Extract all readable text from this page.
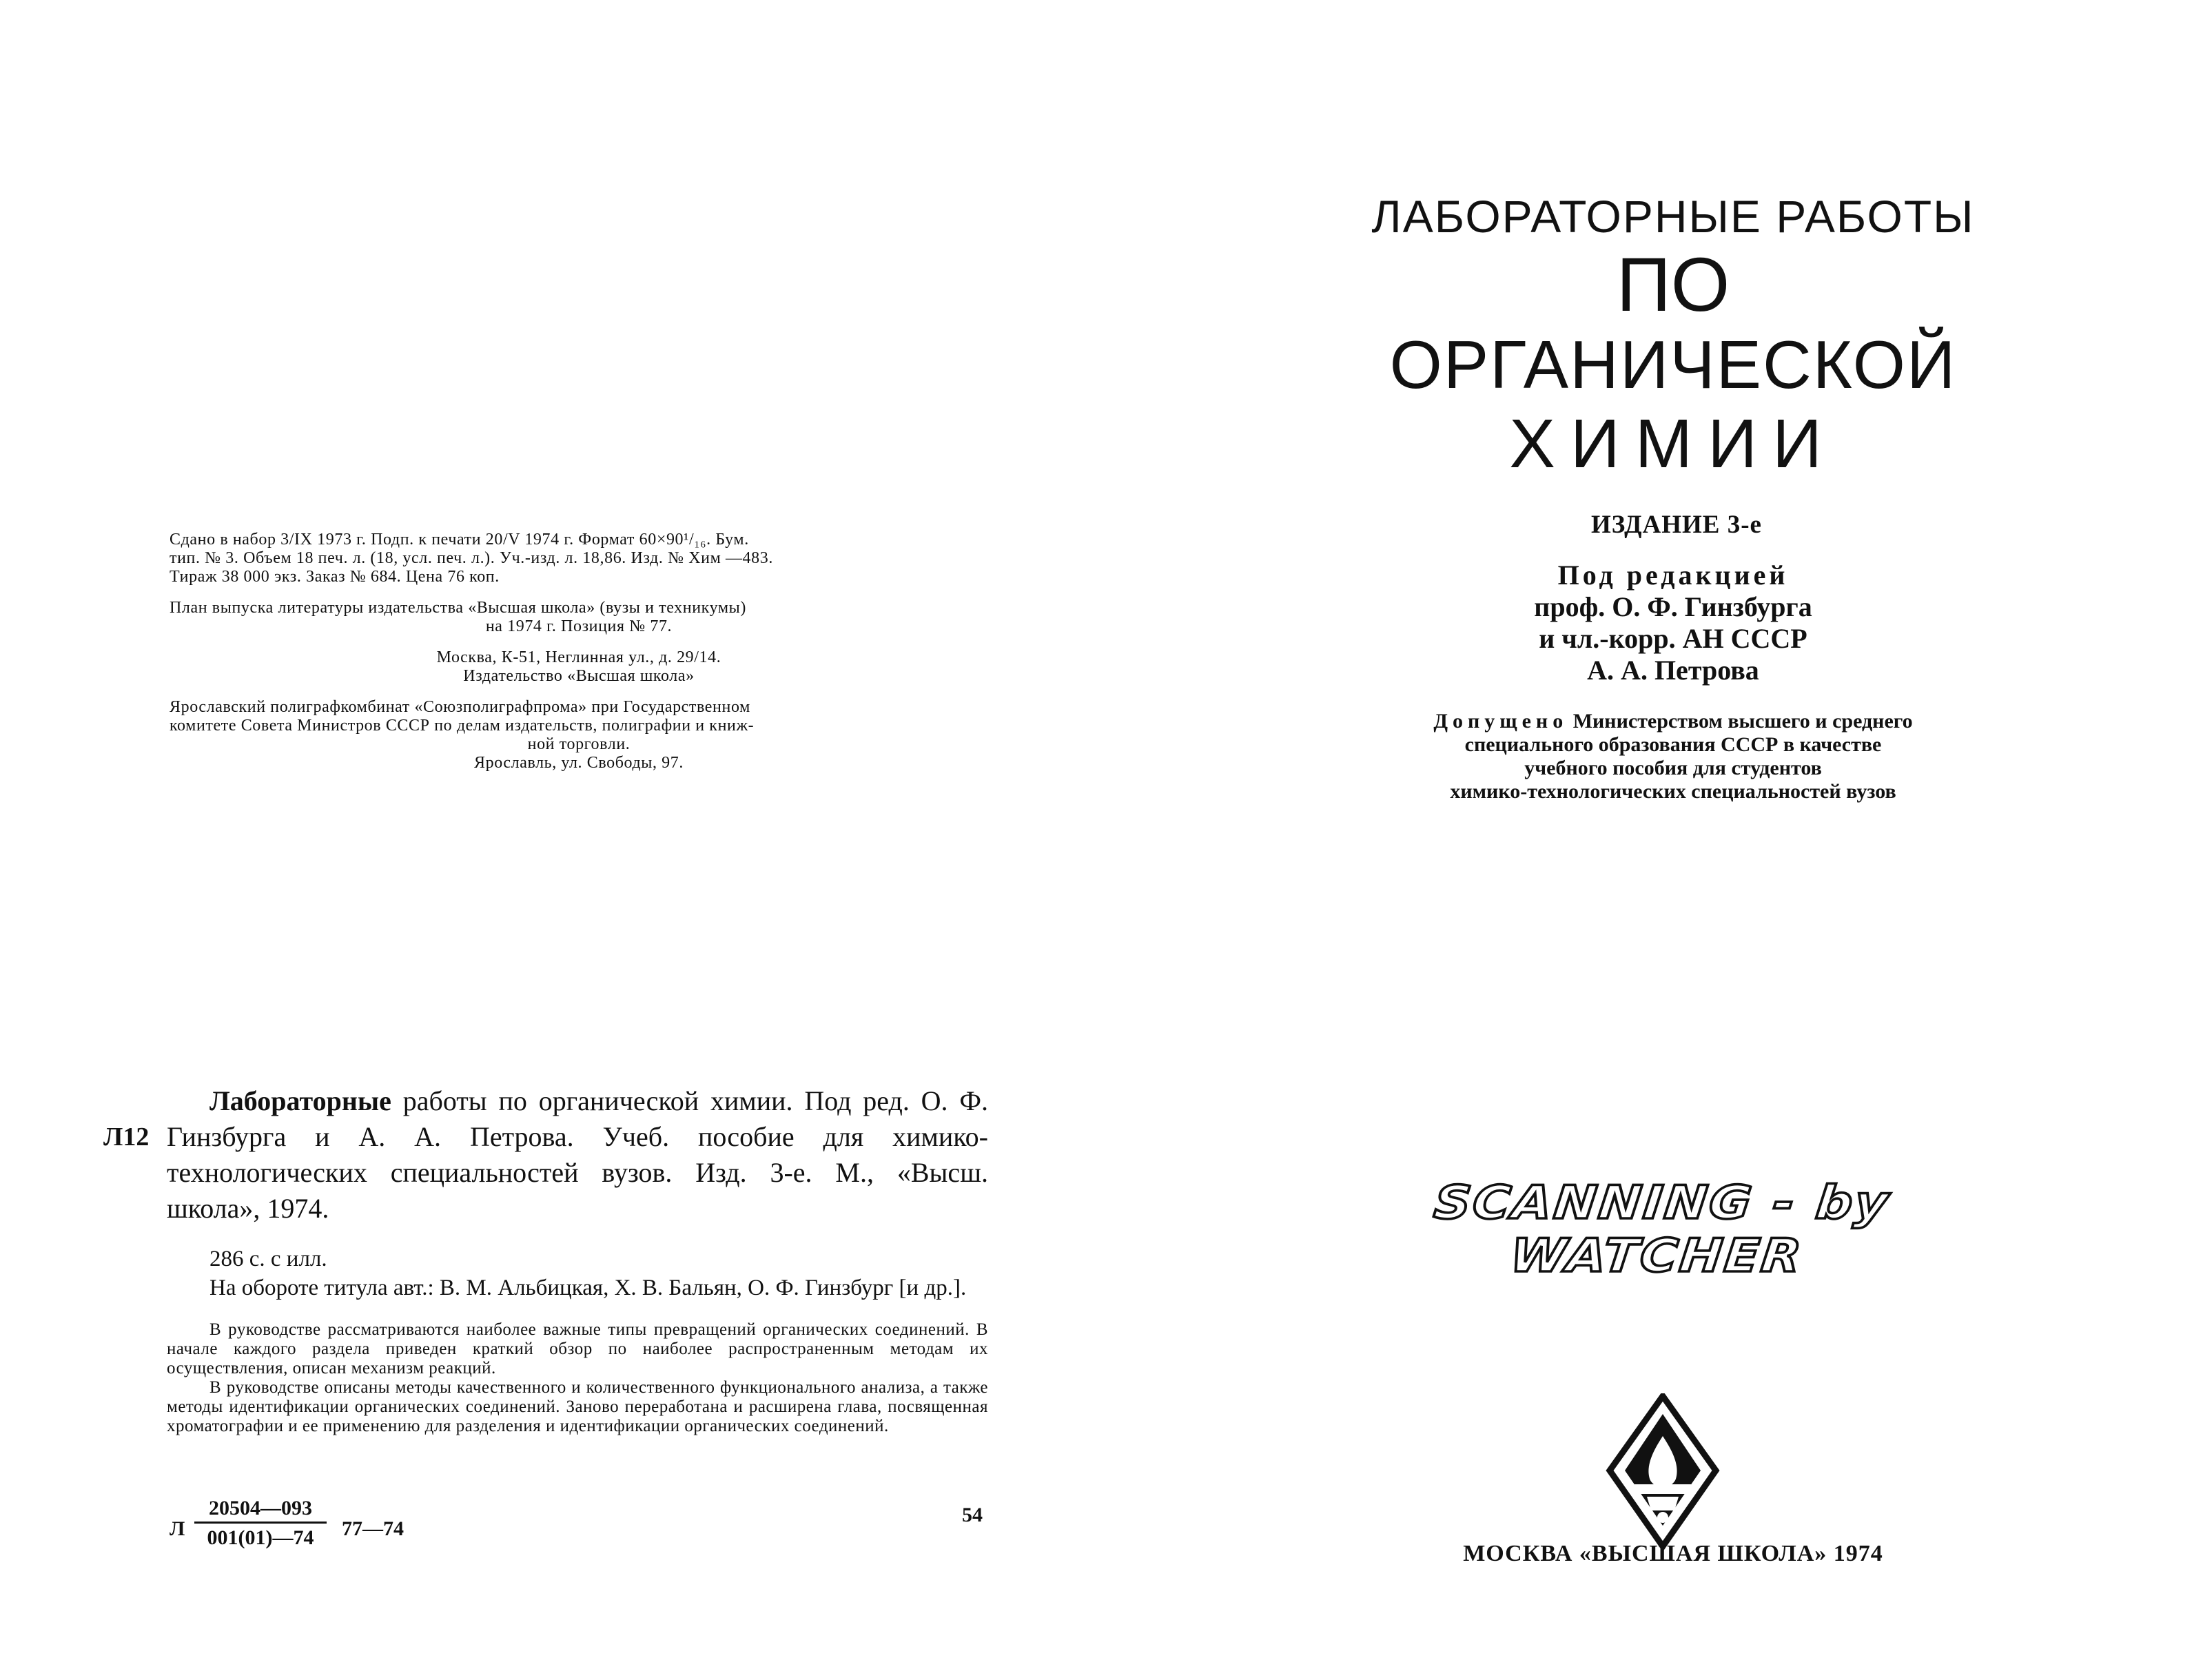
Сдано в набор 3/IX 1973 г. Подп. к печати 20/V 1974 г. Формат 60×90¹/₁₆. Бум.
тип. № 3. Объем 18 печ. л. (18, усл. печ. л.). Уч.-изд. л. 18,86. Изд. № Хим —483.
Тираж 38 000 экз. Заказ № 684. Цена 76 коп.
План выпуска литературы издательства «Высшая школа» (вузы и техникумы)
на 1974 г. Позиция № 77.
Москва, К-51, Неглинная ул., д. 29/14.
Издательство «Высшая школа»
Ярославский полиграфкомбинат «Союзполиграфпрома» при Государственном
комитете Совета Министров СССР по делам издательств, полиграфии и книж-
ной торговли.
Ярославль, ул. Свободы, 97.
Л12
Лабораторные работы по органической химии. Под ред. О. Ф. Гинзбурга и А. А. Петрова. Учеб. пособие для химико-технологических специальностей вузов. Изд. 3-е. М., «Высш. школа», 1974.

286 с. с илл.

На обороте титула авт.: В. М. Альбицкая, Х. В. Бальян, О. Ф. Гинзбург [и др.].

В руководстве рассматриваются наиболее важные типы превращений органических соединений. В начале каждого раздела приведен краткий обзор по наиболее распространенным методам их осуществления, описан механизм реакций.

В руководстве описаны методы качественного и количественного функционального анализа, а также методы идентификации органических соединений. Заново переработана и расширена глава, посвященная хроматографии и ее применению для разделения и идентификации органических соединений.

Л $\frac{20504—093}{001(01)—74}$ 77—74
54
ЛАБОРАТОРНЫЕ РАБОТЫ
ПО
ОРГАНИЧЕСКОЙ
ХИМИИ
ИЗДАНИЕ 3-е
Под редакцией
проф. О. Ф. Гинзбурга
и чл.-корр. АН СССР
А. А. Петрова
Допущено Министерством высшего и среднего
специального образования СССР в качестве
учебного пособия для студентов
химико-технологических специальностей вузов
SCANNING - by WATCHER
МОСКВА «ВЫСШАЯ ШКОЛА» 1974
